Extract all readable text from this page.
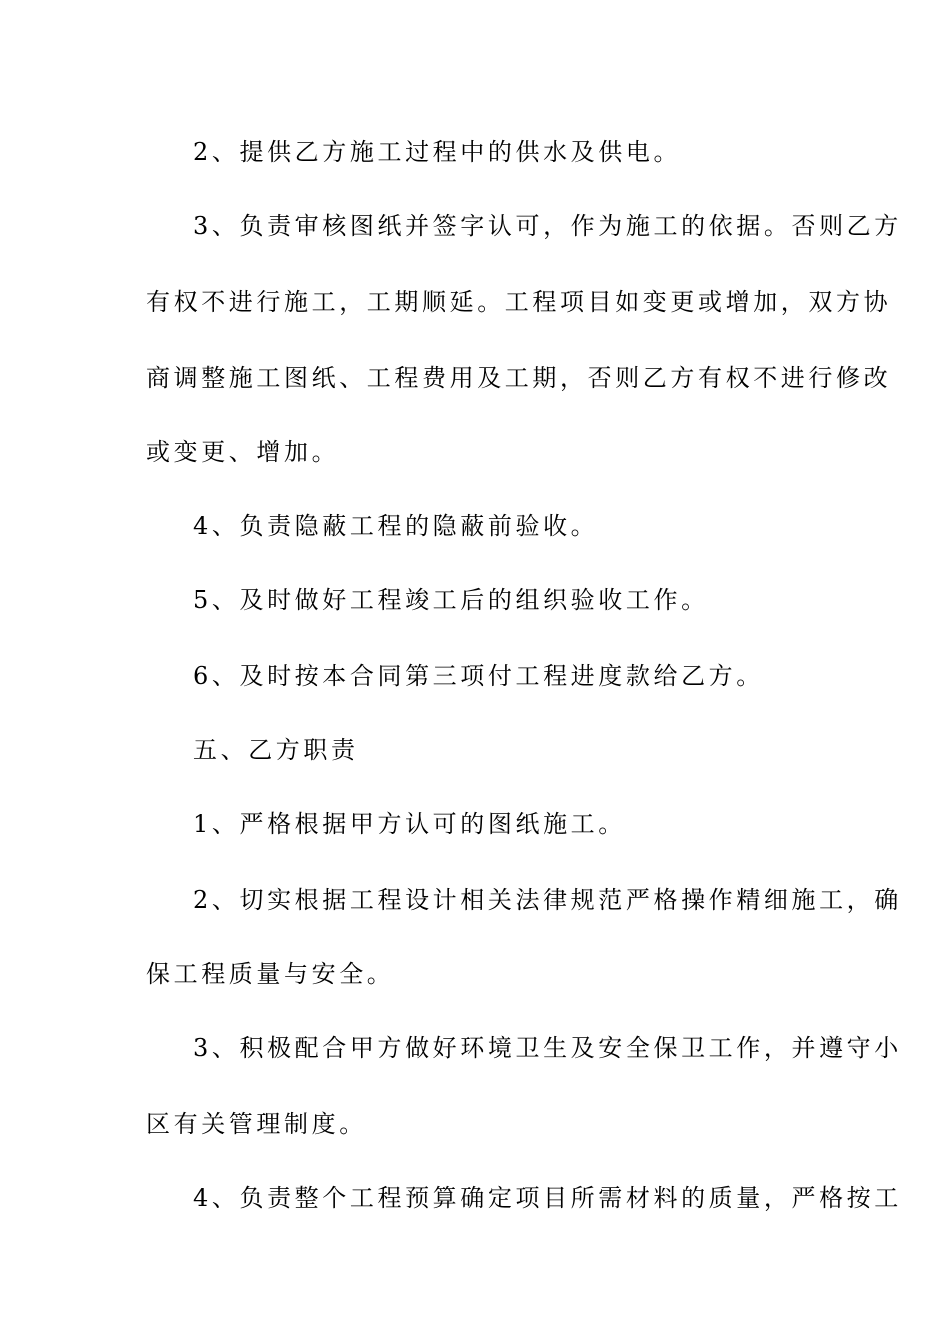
2、提供乙方施工过程中的供水及供电。
3、负责审核图纸并签字认可，作为施工的依据。否则乙方
有权不进行施工，工期顺延。工程项目如变更或增加，双方协
商调整施工图纸、工程费用及工期，否则乙方有权不进行修改
或变更、增加。
4、负责隐蔽工程的隐蔽前验收。
5、及时做好工程竣工后的组织验收工作。
6、及时按本合同第三项付工程进度款给乙方。
五、乙方职责
1、严格根据甲方认可的图纸施工。
2、切实根据工程设计相关法律规范严格操作精细施工，确
保工程质量与安全。
3、积极配合甲方做好环境卫生及安全保卫工作，并遵守小
区有关管理制度。
4、负责整个工程预算确定项目所需材料的质量，严格按工
